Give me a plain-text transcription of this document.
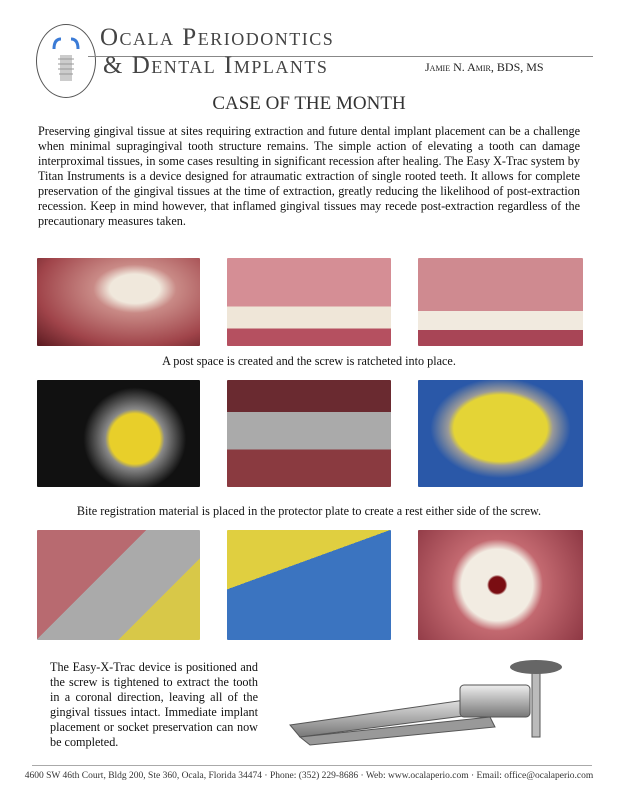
Ocala Periodontics
& Dental Implants	Jamie N. Amir, BDS, MS
CASE OF THE MONTH
Preserving gingival tissue at sites requiring extraction and future dental implant placement can be a challenge when minimal supragingival tooth structure remains. The simple action of elevating a tooth can damage interproximal tissues, in some cases resulting in significant recession after healing. The Easy X-Trac system by Titan Instruments is a device designed for atraumatic extraction of single rooted teeth. It allows for complete preservation of the gingival tissues at the time of extraction, greatly reducing the likelihood of post-extraction recession. Keep in mind however, that inflamed gingival tissues may recede post-extraction regardless of the precautionary measures taken.
A post space is created and the screw is ratcheted into place.
Bite registration material is placed in the protector plate to create a rest either side of the screw.
The Easy-X-Trac device is positioned and the screw is tightened to extract the tooth in a coronal direction, leaving all of the gingival tissues intact. Immediate implant placement or socket preservation can now be completed.
4600 SW 46th Court, Bldg 200, Ste 360, Ocala, Florida 34474 · Phone: (352) 229-8686 · Web: www.ocalaperio.com · Email: office@ocalaperio.com
